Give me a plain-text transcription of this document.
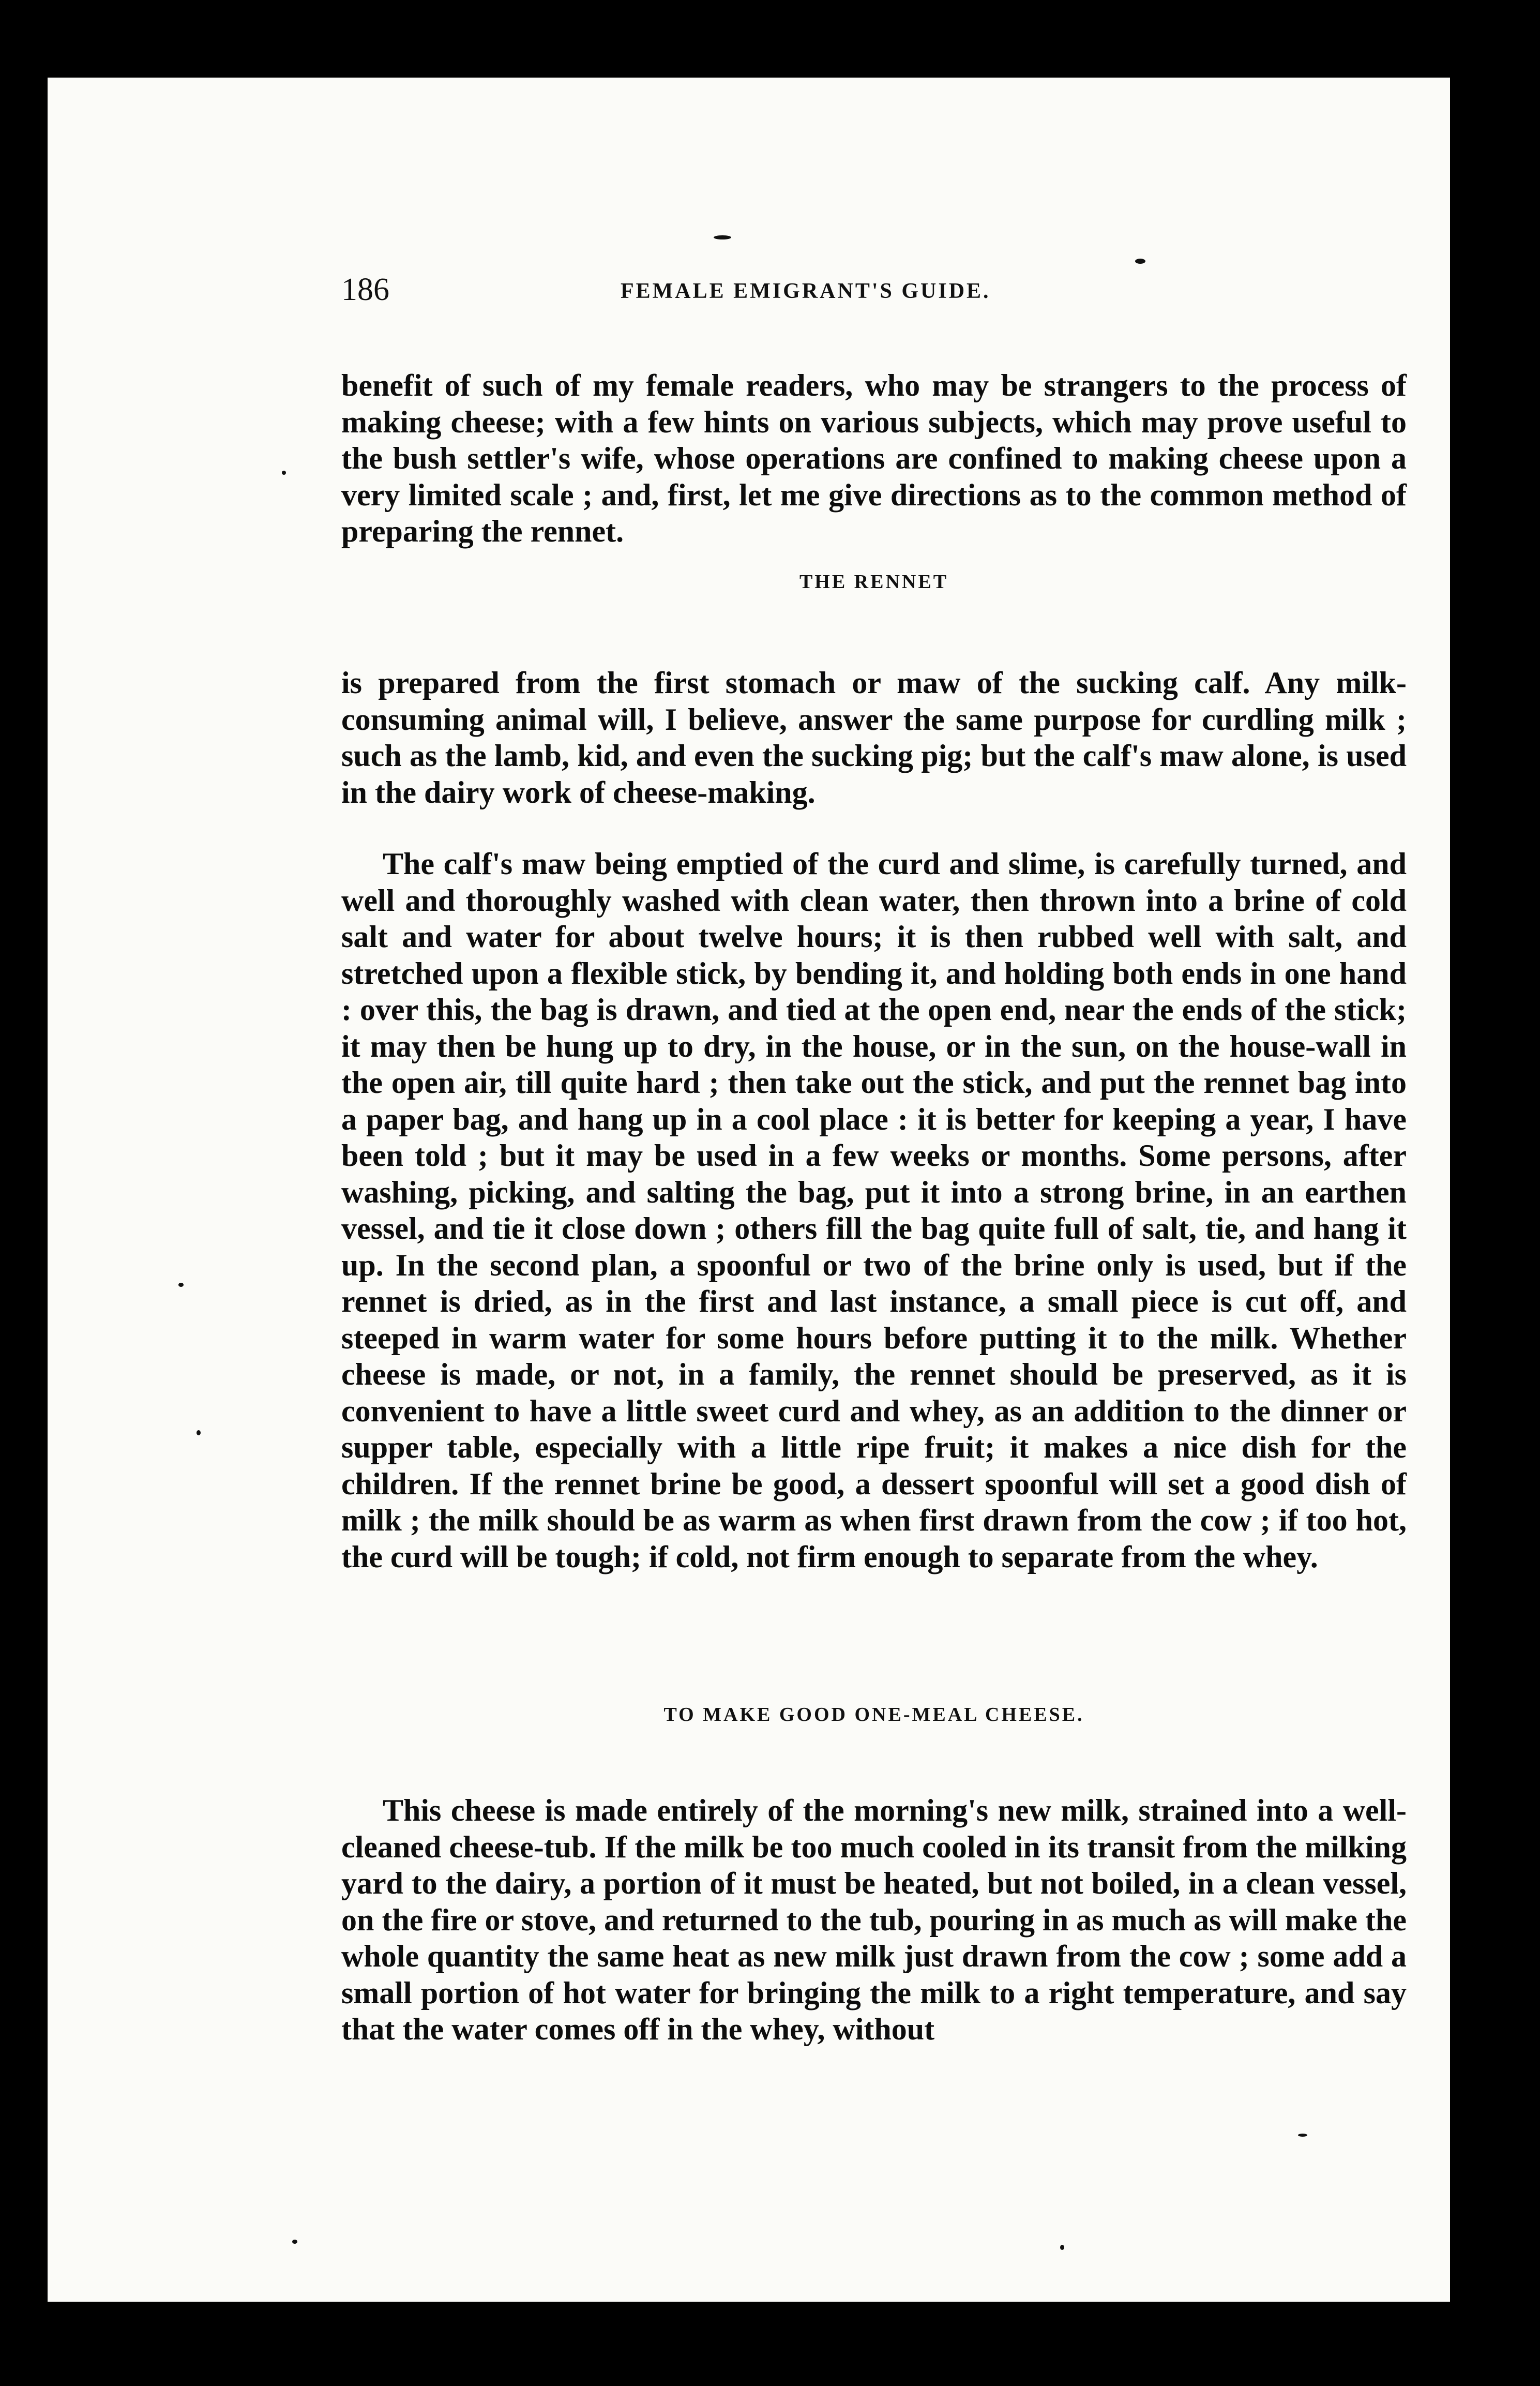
186	FEMALE EMIGRANT'S GUIDE.

benefit of such of my female readers, who may be strangers to the process of making cheese; with a few hints on various subjects, which may prove useful to the bush settler's wife, whose operations are confined to making cheese upon a very limited scale ; and, first, let me give directions as to the common method of preparing the rennet.

THE RENNET

is prepared from the first stomach or maw of the sucking calf. Any milk-consuming animal will, I believe, answer the same purpose for curdling milk ; such as the lamb, kid, and even the sucking pig; but the calf's maw alone, is used in the dairy work of cheese-making.

The calf's maw being emptied of the curd and slime, is carefully turned, and well and thoroughly washed with clean water, then thrown into a brine of cold salt and water for about twelve hours; it is then rubbed well with salt, and stretched upon a flexible stick, by bending it, and holding both ends in one hand : over this, the bag is drawn, and tied at the open end, near the ends of the stick; it may then be hung up to dry, in the house, or in the sun, on the house-wall in the open air, till quite hard ; then take out the stick, and put the rennet bag into a paper bag, and hang up in a cool place : it is better for keeping a year, I have been told ; but it may be used in a few weeks or months. Some persons, after washing, picking, and salting the bag, put it into a strong brine, in an earthen vessel, and tie it close down ; others fill the bag quite full of salt, tie, and hang it up. In the second plan, a spoonful or two of the brine only is used, but if the rennet is dried, as in the first and last instance, a small piece is cut off, and steeped in warm water for some hours before putting it to the milk. Whether cheese is made, or not, in a family, the rennet should be preserved, as it is convenient to have a little sweet curd and whey, as an addition to the dinner or supper table, especially with a little ripe fruit; it makes a nice dish for the children. If the rennet brine be good, a dessert spoonful will set a good dish of milk ; the milk should be as warm as when first drawn from the cow ; if too hot, the curd will be tough; if cold, not firm enough to separate from the whey.

TO MAKE GOOD ONE-MEAL CHEESE.

This cheese is made entirely of the morning's new milk, strained into a well-cleaned cheese-tub. If the milk be too much cooled in its transit from the milking yard to the dairy, a portion of it must be heated, but not boiled, in a clean vessel, on the fire or stove, and returned to the tub, pouring in as much as will make the whole quantity the same heat as new milk just drawn from the cow ; some add a small portion of hot water for bringing the milk to a right temperature, and say that the water comes off in the whey, without
